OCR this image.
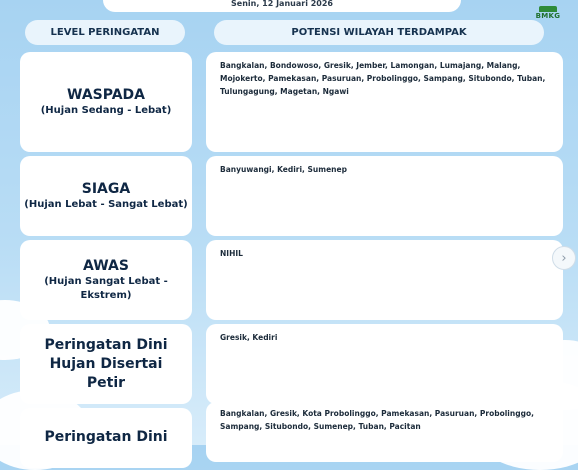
Senin, 12 Januari 2026
BMKG
LEVEL PERINGATAN	POTENSI WILAYAH TERDAMPAK
WASPADA
(Hujan Sedang - Lebat)
Bangkalan, Bondowoso, Gresik, Jember, Lamongan, Lumajang, Malang, Mojokerto, Pamekasan, Pasuruan, Probolinggo, Sampang, Situbondo, Tuban, Tulungagung, Magetan, Ngawi
SIAGA
(Hujan Lebat - Sangat Lebat)
Banyuwangi, Kediri, Sumenep
AWAS
(Hujan Sangat Lebat - Ekstrem)
NIHIL
Peringatan Dini Hujan Disertai Petir
Gresik, Kediri
Peringatan Dini
Bangkalan, Gresik, Kota Probolinggo, Pamekasan, Pasuruan, Probolinggo, Sampang, Situbondo, Sumenep, Tuban, Pacitan
›
